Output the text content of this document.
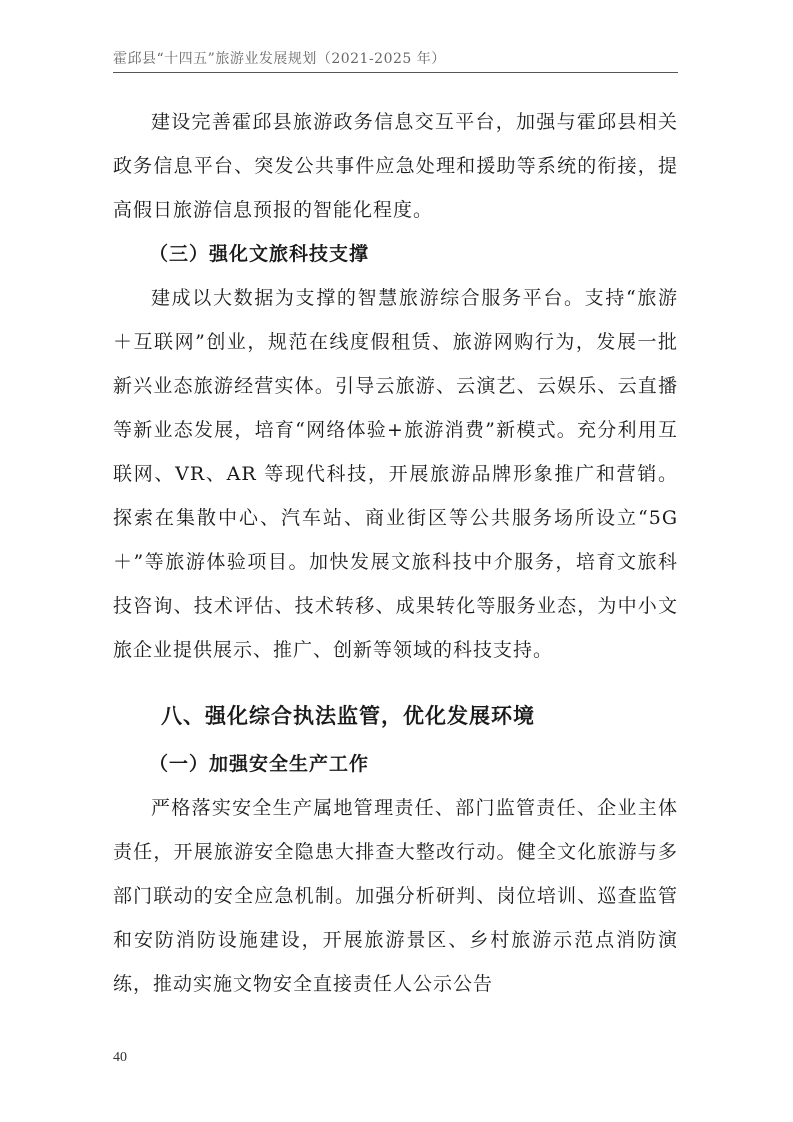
霍邱县“十四五”旅游业发展规划（2021-2025 年）

建设完善霍邱县旅游政务信息交互平台，加强与霍邱县相关政务信息平台、突发公共事件应急处理和援助等系统的衔接，提高假日旅游信息预报的智能化程度。

（三）强化文旅科技支撑

建成以大数据为支撑的智慧旅游综合服务平台。支持“旅游＋互联网”创业，规范在线度假租赁、旅游网购行为，发展一批新兴业态旅游经营实体。引导云旅游、云演艺、云娱乐、云直播等新业态发展，培育“网络体验+旅游消费”新模式。充分利用互联网、VR、AR 等现代科技，开展旅游品牌形象推广和营销。探索在集散中心、汽车站、商业街区等公共服务场所设立“5G＋”等旅游体验项目。加快发展文旅科技中介服务，培育文旅科技咨询、技术评估、技术转移、成果转化等服务业态，为中小文旅企业提供展示、推广、创新等领域的科技支持。

八、强化综合执法监管，优化发展环境

（一）加强安全生产工作

严格落实安全生产属地管理责任、部门监管责任、企业主体责任，开展旅游安全隐患大排查大整改行动。健全文化旅游与多部门联动的安全应急机制。加强分析研判、岗位培训、巡查监管和安防消防设施建设，开展旅游景区、乡村旅游示范点消防演练，推动实施文物安全直接责任人公示公告

40
